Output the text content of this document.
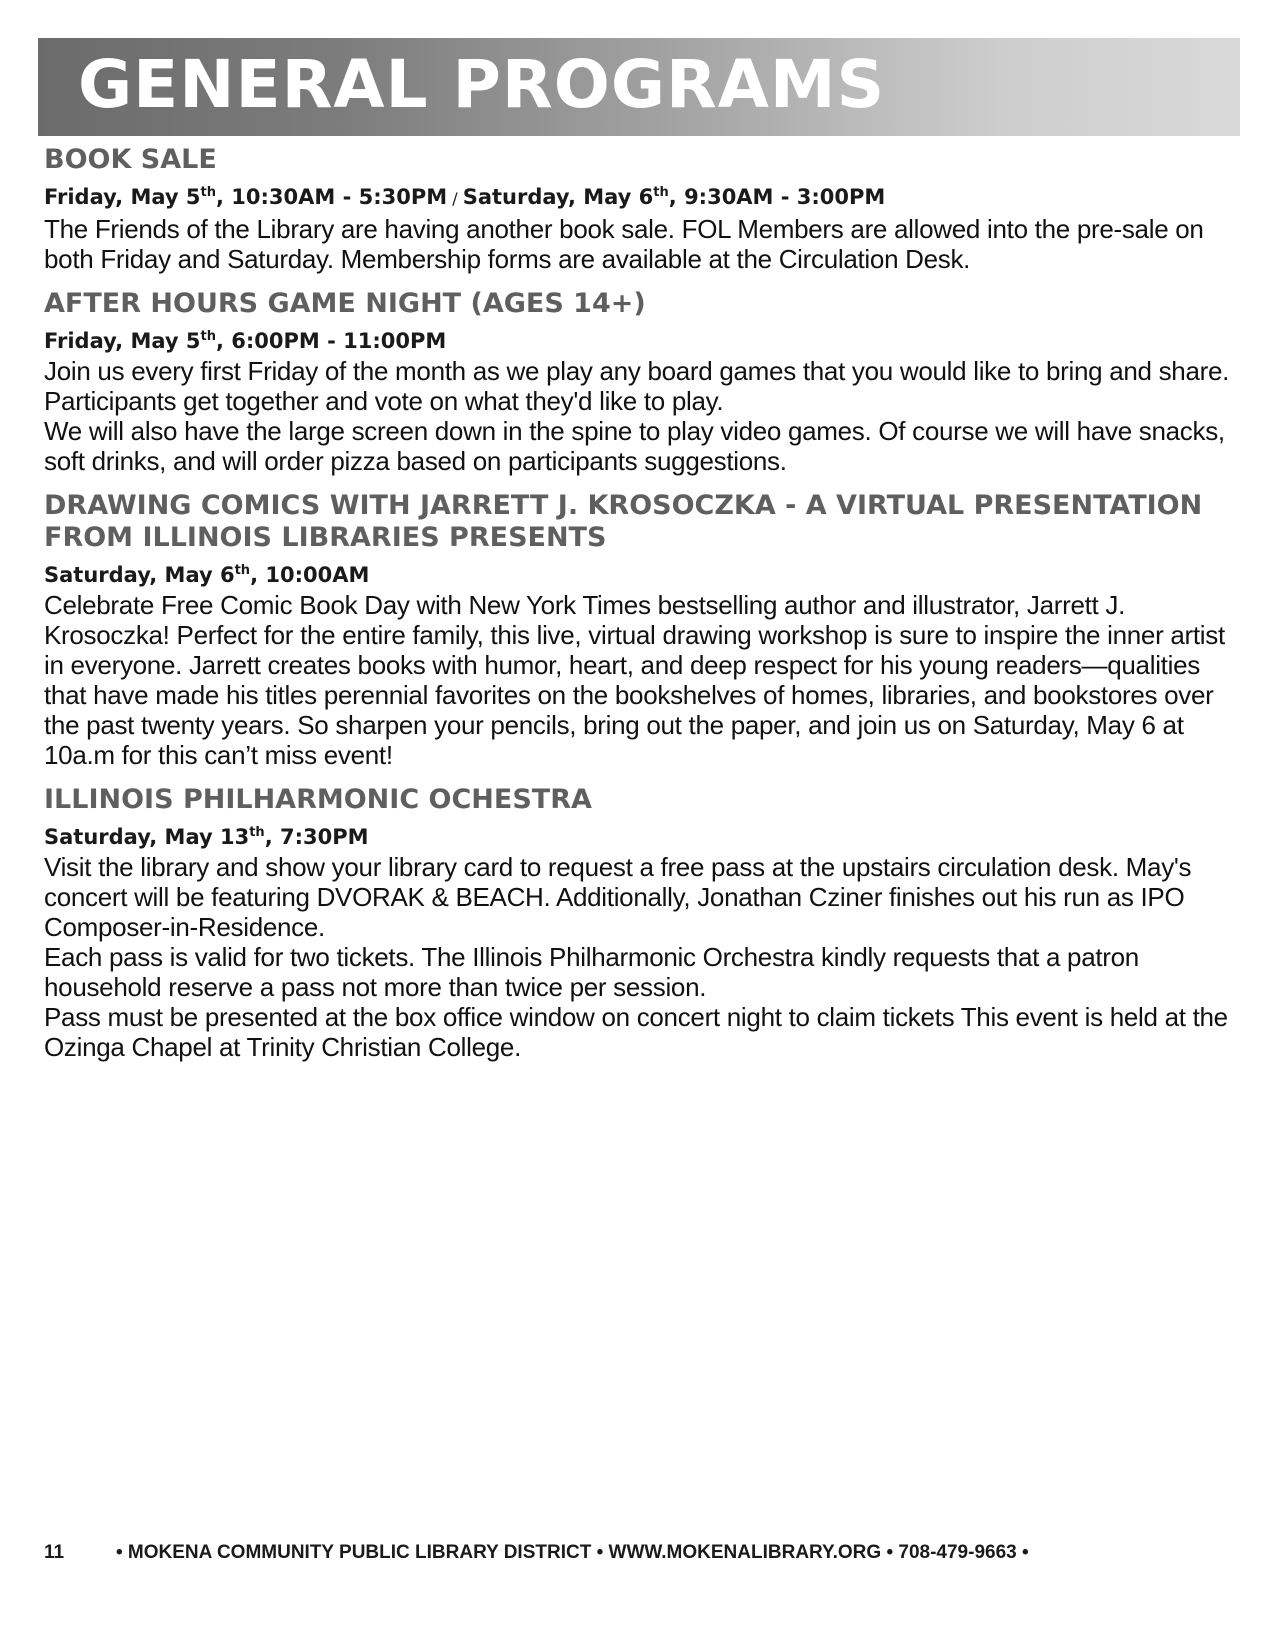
GENERAL PROGRAMS
BOOK SALE
Friday, May 5th, 10:30AM - 5:30PM / Saturday, May 6th, 9:30AM - 3:00PM

The Friends of the Library are having another book sale. FOL Members are allowed into the pre-sale on both Friday and Saturday. Membership forms are available at the Circulation Desk.

AFTER HOURS GAME NIGHT (AGES 14+)
Friday, May 5th, 6:00PM - 11:00PM

Join us every first Friday of the month as we play any board games that you would like to bring and share. Participants get together and vote on what they'd like to play.

We will also have the large screen down in the spine to play video games. Of course we will have snacks, soft drinks, and will order pizza based on participants suggestions.

DRAWING COMICS WITH JARRETT J. KROSOCZKA - A VIRTUAL PRESENTATION FROM ILLINOIS LIBRARIES PRESENTS
Saturday, May 6th, 10:00AM

Celebrate Free Comic Book Day with New York Times bestselling author and illustrator, Jarrett J. Krosoczka! Perfect for the entire family, this live, virtual drawing workshop is sure to inspire the inner artist in everyone. Jarrett creates books with humor, heart, and deep respect for his young readers—qualities that have made his titles perennial favorites on the bookshelves of homes, libraries, and bookstores over the past twenty years. So sharpen your pencils, bring out the paper, and join us on Saturday, May 6 at 10a.m for this can’t miss event!

ILLINOIS PHILHARMONIC OCHESTRA
Saturday, May 13th, 7:30PM

Visit the library and show your library card to request a free pass at the upstairs circulation desk. May's concert will be featuring DVORAK & BEACH. Additionally, Jonathan Cziner finishes out his run as IPO Composer-in-Residence.

Each pass is valid for two tickets. The Illinois Philharmonic Orchestra kindly requests that a patron household reserve a pass not more than twice per session.

Pass must be presented at the box office window on concert night to claim tickets This event is held at the Ozinga Chapel at Trinity Christian College.

11	• MOKENA COMMUNITY PUBLIC LIBRARY DISTRICT • WWW.MOKENALIBRARY.ORG • 708-479-9663 •
